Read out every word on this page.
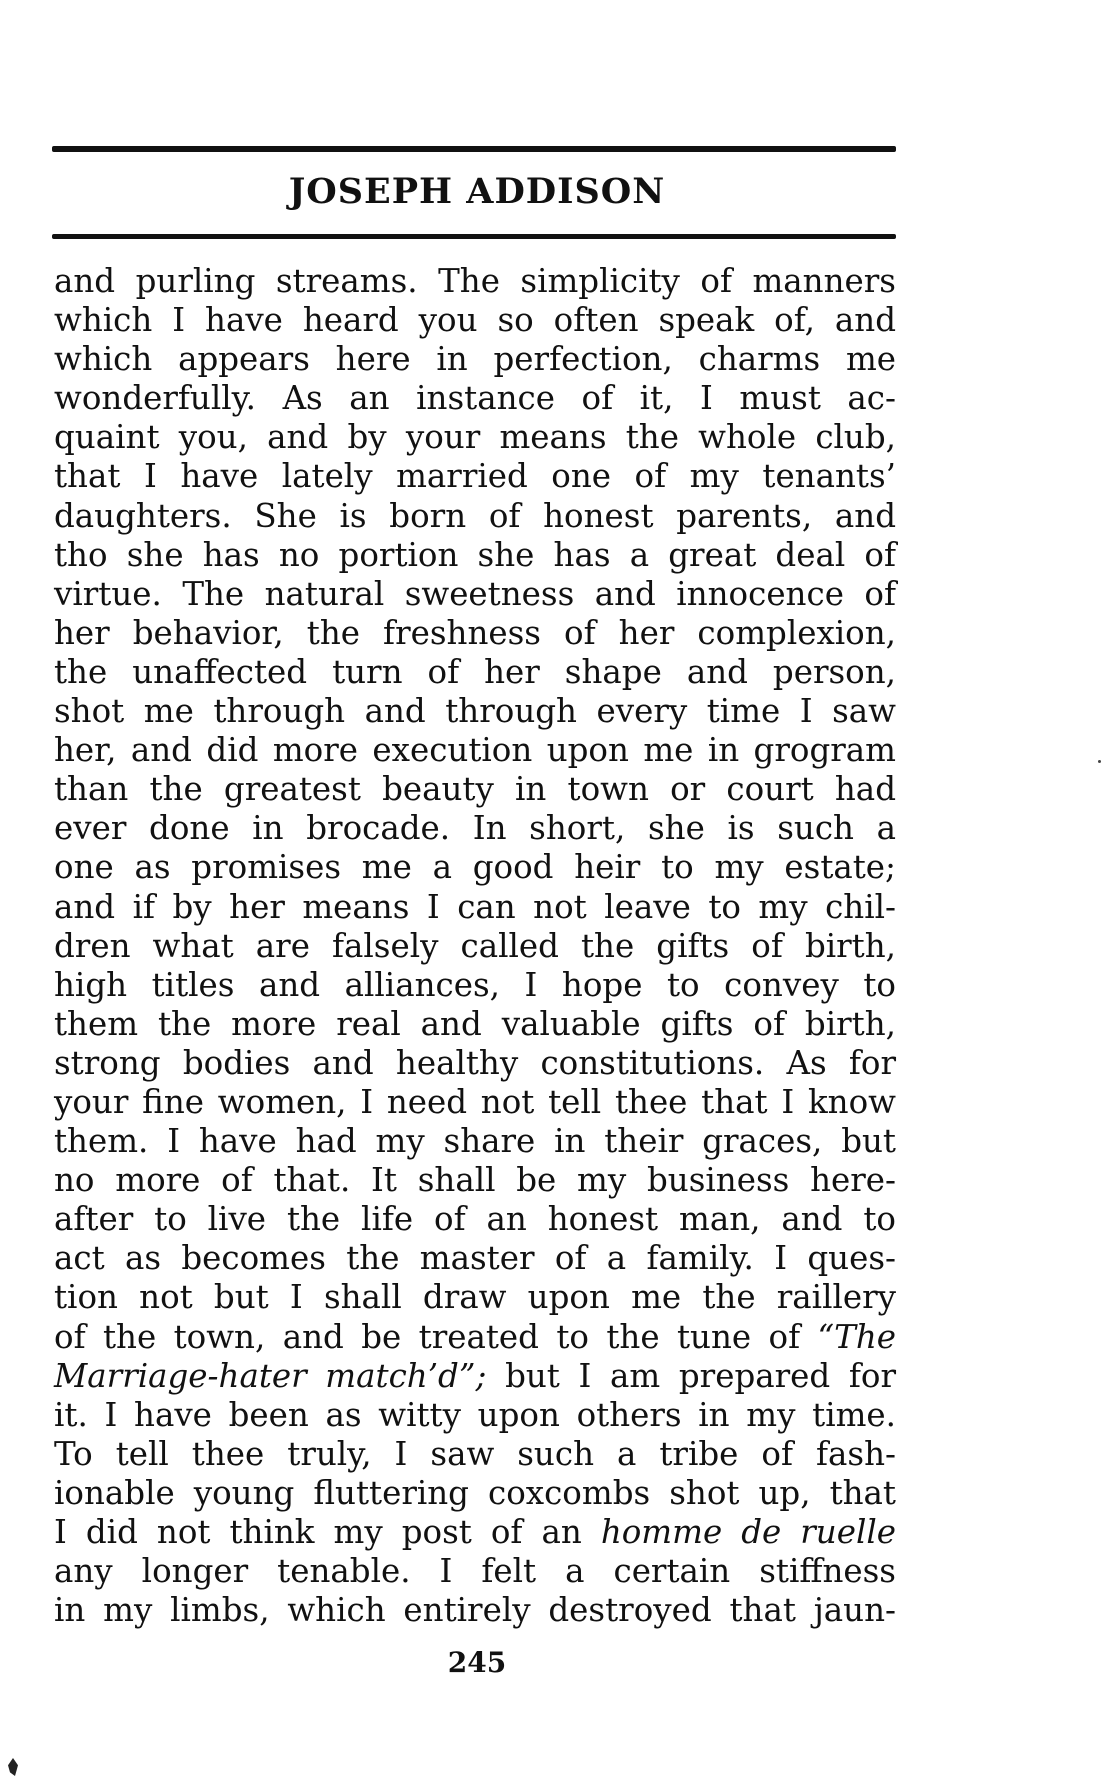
JOSEPH ADDISON
and purling streams. The simplicity of manners
which I have heard you so often speak of, and
which appears here in perfection, charms me
wonderfully. As an instance of it, I must ac-
quaint you, and by your means the whole club,
that I have lately married one of my tenants’
daughters. She is born of honest parents, and
tho she has no portion she has a great deal of
virtue. The natural sweetness and innocence of
her behavior, the freshness of her complexion,
the unaffected turn of her shape and person,
shot me through and through every time I saw
her, and did more execution upon me in grogram
than the greatest beauty in town or court had
ever done in brocade. In short, she is such a
one as promises me a good heir to my estate;
and if by her means I can not leave to my chil-
dren what are falsely called the gifts of birth,
high titles and alliances, I hope to convey to
them the more real and valuable gifts of birth,
strong bodies and healthy constitutions. As for
your fine women, I need not tell thee that I know
them. I have had my share in their graces, but
no more of that. It shall be my business here-
after to live the life of an honest man, and to
act as becomes the master of a family. I ques-
tion not but I shall draw upon me the raillery
of the town, and be treated to the tune of “The
Marriage-hater match’d”; but I am prepared for
it. I have been as witty upon others in my time.
To tell thee truly, I saw such a tribe of fash-
ionable young fluttering coxcombs shot up, that
I did not think my post of an homme de ruelle
any longer tenable. I felt a certain stiffness
in my limbs, which entirely destroyed that jaun-
245
